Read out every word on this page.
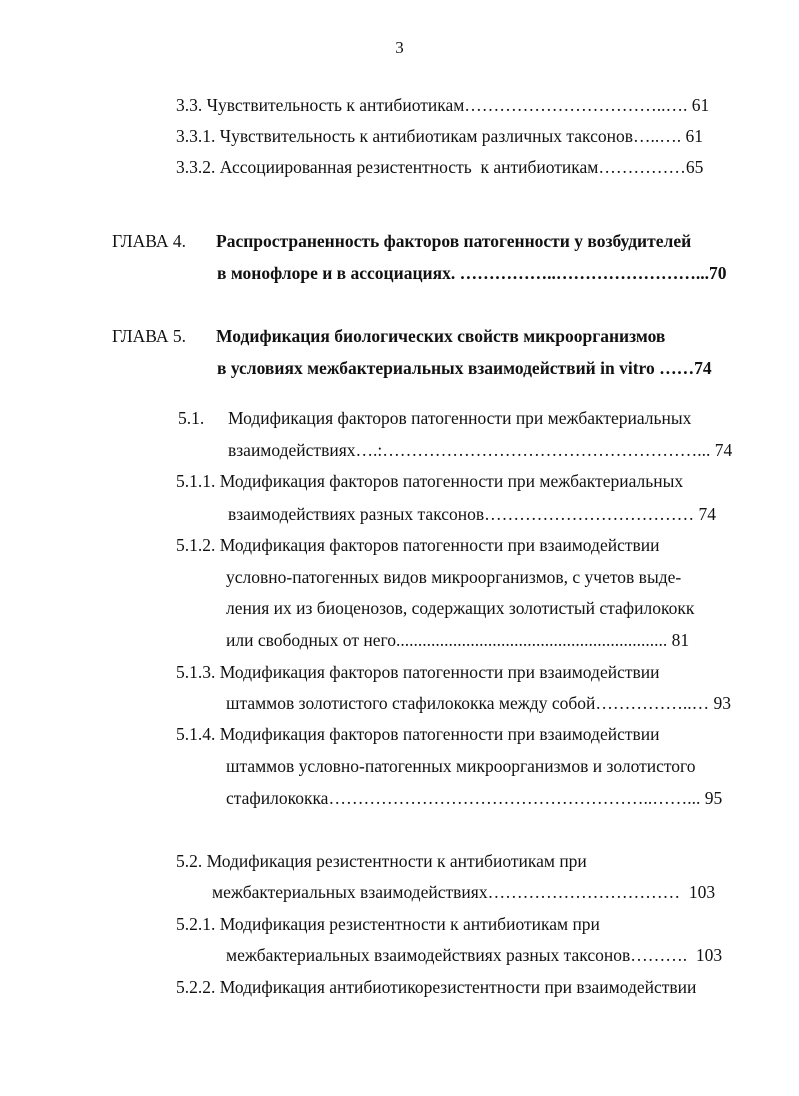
3
3.3. Чувствительность к антибиотикам……………………………..…. 61
3.3.1. Чувствительность к антибиотикам различных таксонов…..…. 61
3.3.2. Ассоциированная резистентность  к антибиотикам……………65
ГЛАВА 4. Распространенность факторов патогенности у возбудителей
в монофлоре и в ассоциациях. ……………..……………………...70
ГЛАВА 5. Модификация биологических свойств микроорганизмов
в условиях межбактериальных взаимодействий in vitro ……74
5.1. Модификация факторов патогенности при межбактериальных
взаимодействиях….:………………………………………………... 74
5.1.1. Модификация факторов патогенности при межбактериальных
взаимодействиях разных таксонов……………………………… 74
5.1.2. Модификация факторов патогенности при взаимодействии
условно-патогенных видов микроорганизмов, с учетов выде-
ления их из биоценозов, содержащих золотистый стафилококк
или свободных от него.............................................................. 81
5.1.3. Модификация факторов патогенности при взаимодействии
штаммов золотистого стафилококка между собой……………..… 93
5.1.4. Модификация факторов патогенности при взаимодействии
штаммов условно-патогенных микроорганизмов и золотистого
стафилококка………………………………………………..……... 95
5.2. Модификация резистентности к антибиотикам при
межбактериальных взаимодействиях……………………………  103
5.2.1. Модификация резистентности к антибиотикам при
межбактериальных взаимодействиях разных таксонов……….  103
5.2.2. Модификация антибиотикорезистентности при взаимодействии
